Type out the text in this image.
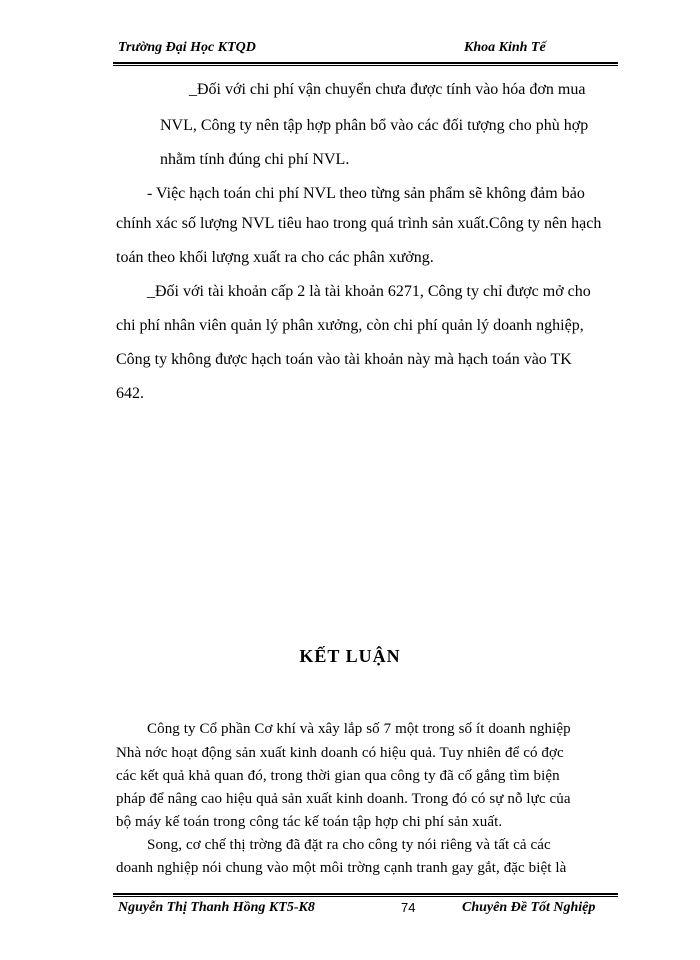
Trường Đại Học KTQD	Khoa Kinh Tế
_Đối với chi phí vận chuyển chưa được tính vào hóa đơn mua
NVL, Công ty nên tập hợp phân bổ vào các đối tượng cho phù hợp
nhằm tính đúng chi phí NVL.
- Việc hạch toán chi phí NVL theo từng sản phẩm sẽ không đảm bảo
chính xác số lượng NVL tiêu hao trong quá trình sản xuất.Công ty nên hạch
toán theo khối lượng xuất ra cho các phân xưởng.
_Đối với tài khoản cấp 2 là tài khoản 6271, Công ty chỉ được mở cho
chi phí nhân viên quản lý phân xưởng, còn chi phí quản lý doanh nghiệp,
Công ty không được hạch toán vào tài khoản này mà hạch toán vào TK
642.
KẾT LUẬN
Công ty Cổ phần Cơ khí và xây lắp số 7 một trong số ít doanh nghiệp
Nhà nớc hoạt động sản xuất kinh doanh có hiệu quả. Tuy nhiên để có đợc
các kết quả khả quan đó, trong thời gian qua công ty đã cố gắng tìm biện
pháp để nâng cao hiệu quả sản xuất kinh doanh. Trong đó có sự nỗ lực của
bộ máy kế toán trong công tác kế toán tập hợp chi phí sản xuất.
Song, cơ chế thị trờng đã đặt ra cho công ty nói riêng và tất cả các
doanh nghiệp nói chung vào một môi trờng cạnh tranh gay gắt, đặc biệt là
Nguyễn Thị Thanh Hồng KT5-K8	74	Chuyên Đề Tốt Nghiệp
